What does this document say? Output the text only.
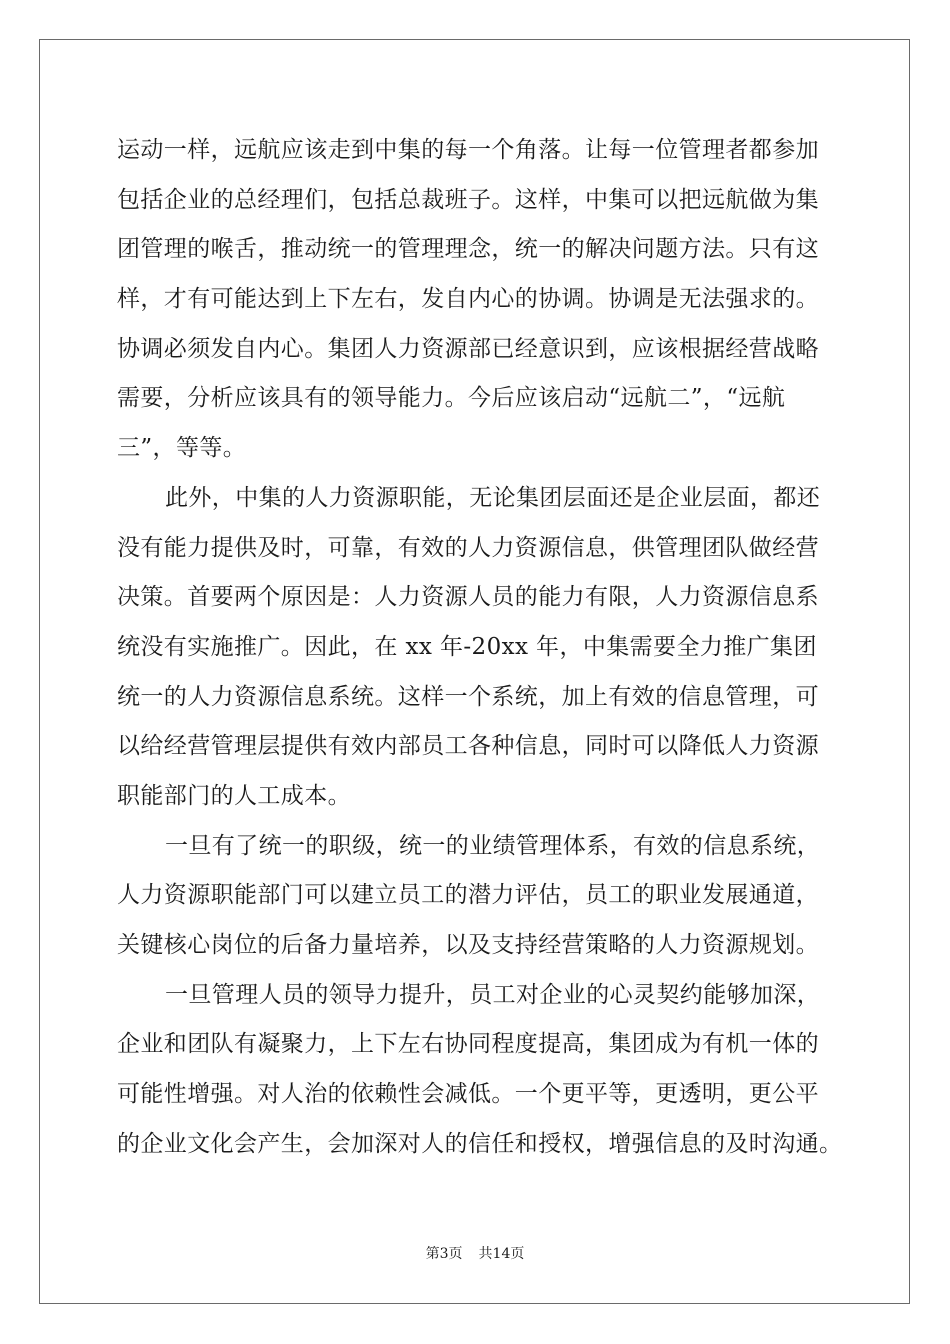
运动一样，远航应该走到中集的每一个角落。让每一位管理者都参加
包括企业的总经理们，包括总裁班子。这样，中集可以把远航做为集
团管理的喉舌，推动统一的管理理念，统一的解决问题方法。只有这
样，才有可能达到上下左右，发自内心的协调。协调是无法强求的。
协调必须发自内心。集团人力资源部已经意识到，应该根据经营战略
需要，分析应该具有的领导能力。今后应该启动“远航二”，“远航
三”，等等。
此外，中集的人力资源职能，无论集团层面还是企业层面，都还
没有能力提供及时，可靠，有效的人力资源信息，供管理团队做经营
决策。首要两个原因是：人力资源人员的能力有限，人力资源信息系
统没有实施推广。因此，在 xx 年-20xx 年，中集需要全力推广集团
统一的人力资源信息系统。这样一个系统，加上有效的信息管理，可
以给经营管理层提供有效内部员工各种信息，同时可以降低人力资源
职能部门的人工成本。
一旦有了统一的职级，统一的业绩管理体系，有效的信息系统，
人力资源职能部门可以建立员工的潜力评估，员工的职业发展通道，
关键核心岗位的后备力量培养，以及支持经营策略的人力资源规划。
一旦管理人员的领导力提升，员工对企业的心灵契约能够加深，
企业和团队有凝聚力，上下左右协同程度提高，集团成为有机一体的
可能性增强。对人治的依赖性会减低。一个更平等，更透明，更公平
的企业文化会产生，会加深对人的信任和授权，增强信息的及时沟通。
第3页 共14页
